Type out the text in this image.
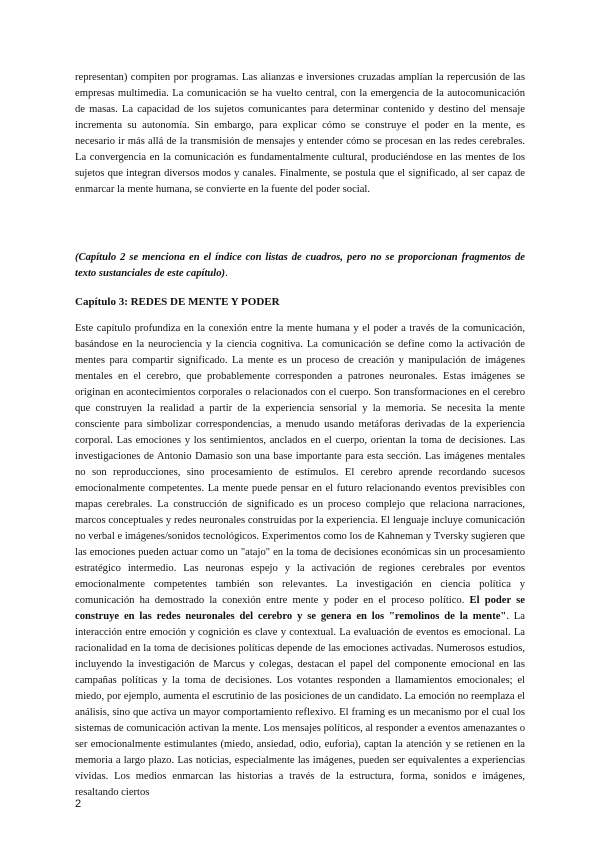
representan) compiten por programas. Las alianzas e inversiones cruzadas amplían la repercusión de las empresas multimedia. La comunicación se ha vuelto central, con la emergencia de la autocomunicación de masas. La capacidad de los sujetos comunicantes para determinar contenido y destino del mensaje incrementa su autonomía. Sin embargo, para explicar cómo se construye el poder en la mente, es necesario ir más allá de la transmisión de mensajes y entender cómo se procesan en las redes cerebrales. La convergencia en la comunicación es fundamentalmente cultural, produciéndose en las mentes de los sujetos que integran diversos modos y canales. Finalmente, se postula que el significado, al ser capaz de enmarcar la mente humana, se convierte en la fuente del poder social.

(Capítulo 2 se menciona en el índice con listas de cuadros, pero no se proporcionan fragmentos de texto sustanciales de este capítulo).

Capítulo 3: REDES DE MENTE Y PODER

Este capítulo profundiza en la conexión entre la mente humana y el poder a través de la comunicación, basándose en la neurociencia y la ciencia cognitiva. La comunicación se define como la activación de mentes para compartir significado. La mente es un proceso de creación y manipulación de imágenes mentales en el cerebro, que probablemente corresponden a patrones neuronales. Estas imágenes se originan en acontecimientos corporales o relacionados con el cuerpo. Son transformaciones en el cerebro que construyen la realidad a partir de la experiencia sensorial y la memoria. Se necesita la mente consciente para simbolizar correspondencias, a menudo usando metáforas derivadas de la experiencia corporal. Las emociones y los sentimientos, anclados en el cuerpo, orientan la toma de decisiones. Las investigaciones de Antonio Damasio son una base importante para esta sección. Las imágenes mentales no son reproducciones, sino procesamiento de estímulos. El cerebro aprende recordando sucesos emocionalmente competentes. La mente puede pensar en el futuro relacionando eventos previsibles con mapas cerebrales. La construcción de significado es un proceso complejo que relaciona narraciones, marcos conceptuales y redes neuronales construidas por la experiencia. El lenguaje incluye comunicación no verbal e imágenes/sonidos tecnológicos. Experimentos como los de Kahneman y Tversky sugieren que las emociones pueden actuar como un "atajo" en la toma de decisiones económicas sin un procesamiento estratégico intermedio. Las neuronas espejo y la activación de regiones cerebrales por eventos emocionalmente competentes también son relevantes. La investigación en ciencia política y comunicación ha demostrado la conexión entre mente y poder en el proceso político. El poder se construye en las redes neuronales del cerebro y se genera en los "remolinos de la mente". La interacción entre emoción y cognición es clave y contextual. La evaluación de eventos es emocional. La racionalidad en la toma de decisiones políticas depende de las emociones activadas. Numerosos estudios, incluyendo la investigación de Marcus y colegas, destacan el papel del componente emocional en las campañas políticas y la toma de decisiones. Los votantes responden a llamamientos emocionales; el miedo, por ejemplo, aumenta el escrutinio de las posiciones de un candidato. La emoción no reemplaza el análisis, sino que activa un mayor comportamiento reflexivo. El framing es un mecanismo por el cual los sistemas de comunicación activan la mente. Los mensajes políticos, al responder a eventos amenazantes o ser emocionalmente estimulantes (miedo, ansiedad, odio, euforia), captan la atención y se retienen en la memoria a largo plazo. Las noticias, especialmente las imágenes, pueden ser equivalentes a experiencias vívidas. Los medios enmarcan las historias a través de la estructura, forma, sonidos e imágenes, resaltando ciertos

2
